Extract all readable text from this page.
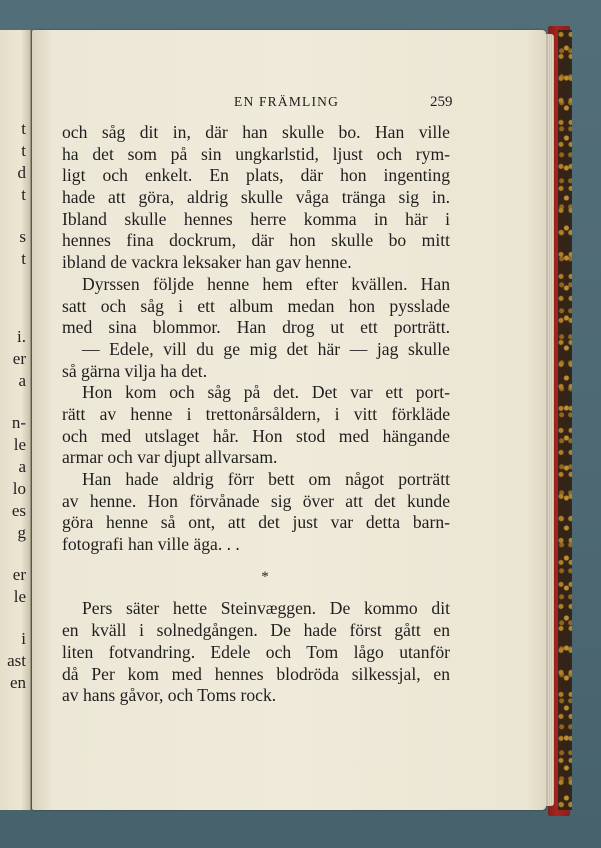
t
t
d
t
s
t
i.
er
a
n-
le
a
lo
es
g
er
le
i
ast
en
EN FRÄMLING	259
och såg dit in, där han skulle bo. Han ville
ha det som på sin ungkarlstid, ljust och rym-
ligt och enkelt. En plats, där hon ingenting
hade att göra, aldrig skulle våga tränga sig in.
Ibland skulle hennes herre komma in här i
hennes fina dockrum, där hon skulle bo mitt
ibland de vackra leksaker han gav henne.
Dyrssen följde henne hem efter kvällen. Han
satt och såg i ett album medan hon pysslade
med sina blommor. Han drog ut ett porträtt.
— Edele, vill du ge mig det här — jag skulle
så gärna vilja ha det.
Hon kom och såg på det. Det var ett port-
rätt av henne i trettonårsåldern, i vitt förkläde
och med utslaget hår. Hon stod med hängande
armar och var djupt allvarsam.
Han hade aldrig förr bett om något porträtt
av henne. Hon förvånade sig över att det kunde
göra henne så ont, att det just var detta barn-
fotografi han ville äga. . .
*
Pers säter hette Steinvæggen. De kommo dit
en kväll i solnedgången. De hade först gått en
liten fotvandring. Edele och Tom lågo utanför
då Per kom med hennes blodröda silkessjal, en
av hans gåvor, och Toms rock.
